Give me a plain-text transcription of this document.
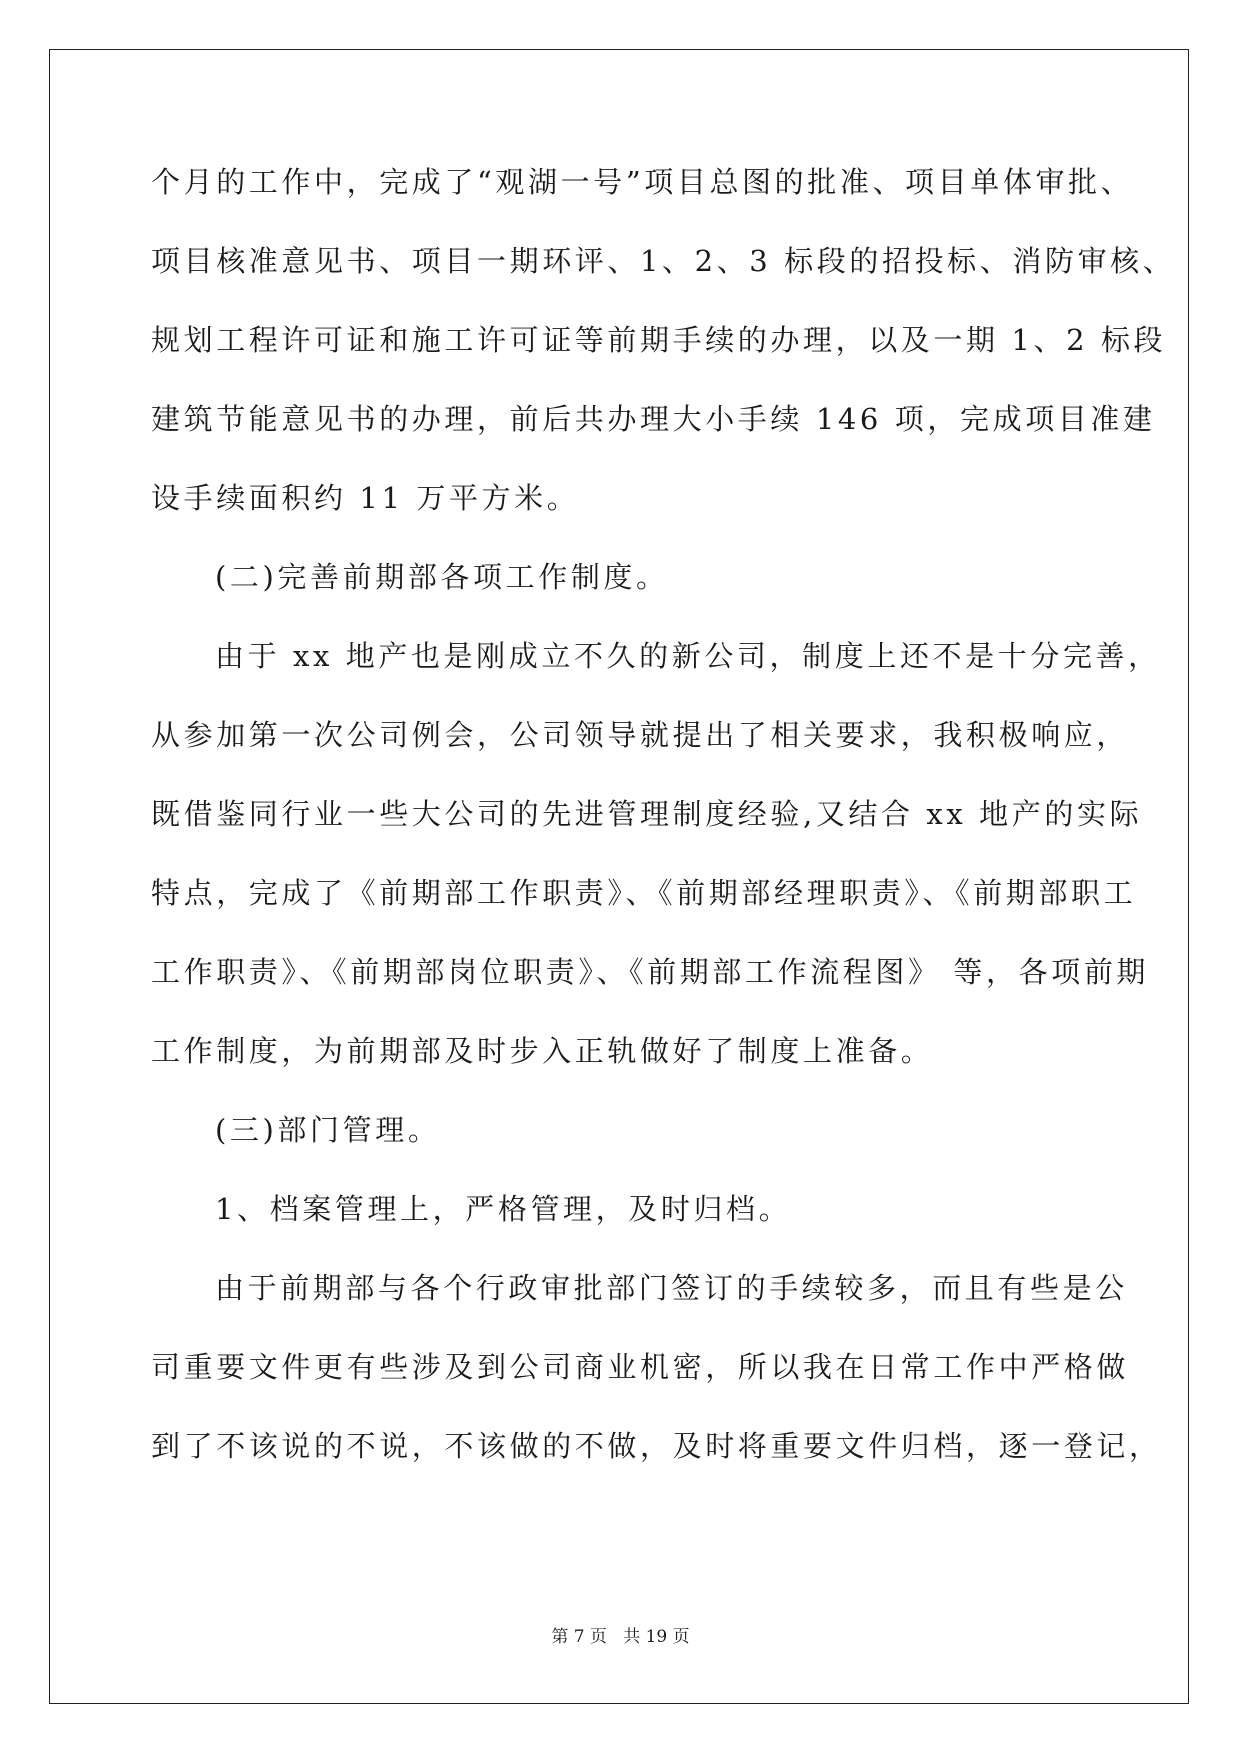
个月的工作中，完成了“观湖一号”项目总图的批准、项目单体审批、
项目核准意见书、项目一期环评、1、2、3 标段的招投标、消防审核、
规划工程许可证和施工许可证等前期手续的办理，以及一期 1、2 标段
建筑节能意见书的办理，前后共办理大小手续 146 项，完成项目准建
设手续面积约 11 万平方米。
(二)完善前期部各项工作制度。
由于 xx 地产也是刚成立不久的新公司，制度上还不是十分完善，
从参加第一次公司例会，公司领导就提出了相关要求，我积极响应，
既借鉴同行业一些大公司的先进管理制度经验,又结合 xx 地产的实际
特点，完成了《前期部工作职责》、《前期部经理职责》、《前期部职工
工作职责》、《前期部岗位职责》、《前期部工作流程图》 等，各项前期
工作制度，为前期部及时步入正轨做好了制度上准备。
(三)部门管理。
1、档案管理上，严格管理，及时归档。
由于前期部与各个行政审批部门签订的手续较多，而且有些是公
司重要文件更有些涉及到公司商业机密，所以我在日常工作中严格做
到了不该说的不说，不该做的不做，及时将重要文件归档，逐一登记，
第 7 页   共 19 页
